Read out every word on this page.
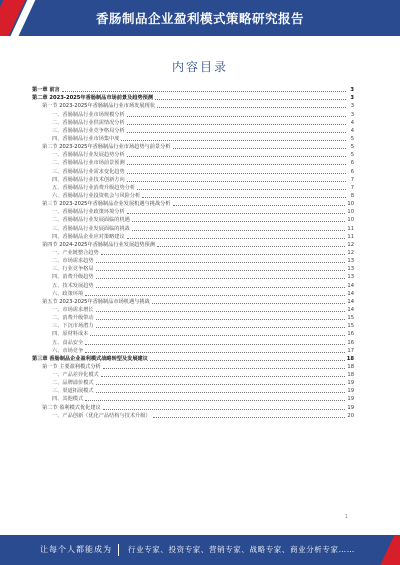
香肠制品企业盈利模式策略研究报告
内容目录
第一章 前言	3
第二章 2023-2025年香肠制品市场前景及趋势预测	3
第一节 2023-2025年香肠制品行业市场发展现状	3
一、香肠制品行业市场规模分析	3
二、香肠制品行业供需情况分析	4
三、香肠制品行业竞争格局分析	4
四、香肠制品行业市场集中度	5
第二节 2023-2025年香肠制品行业市场趋势与前景分析	5
一、香肠制品行业发展趋势分析	5
二、香肠制品行业市场前景预测	6
三、香肠制品行业需求变化趋势	6
四、香肠制品行业技术创新方向	7
五、香肠制品行业消费升级趋势分析	7
六、香肠制品行业投资机会与风险分析	8
第三节 2023-2025年香肠制品企业发展机遇与挑战分析	10
一、香肠制品行业政策环境分析	10
二、香肠制品行业发展面临的机遇	10
三、香肠制品行业发展面临的挑战	11
四、香肠制品企业应对策略建议	11
第四节 2024-2025年香肠制品行业发展趋势预测	12
一、产业链整合趋势	12
二、市场需求趋势	13
三、行业竞争格局	13
四、消费升级趋势	13
五、技术发展趋势	14
六、政策环境	14
第五节 2023-2025年香肠制品市场机遇与挑战	14
一、市场需求增长	14
二、消费升级带动	15
三、下沉市场潜力	15
四、原材料成本	16
五、食品安全	16
六、市场竞争	17
第三章 香肠制品企业盈利模式战略转型及发展建议	18
第一节 主要盈利模式分析	18
一、产品差异化模式	18
二、品牌溢价模式	19
三、渠道拓展模式	19
四、其他模式	19
第二节 盈利模式优化建议	19
一、产品创新（优化产品结构与技术升级）	20
1
让每个人都能成为 行业专家、投资专家、营销专家、战略专家、商业分析专家……
